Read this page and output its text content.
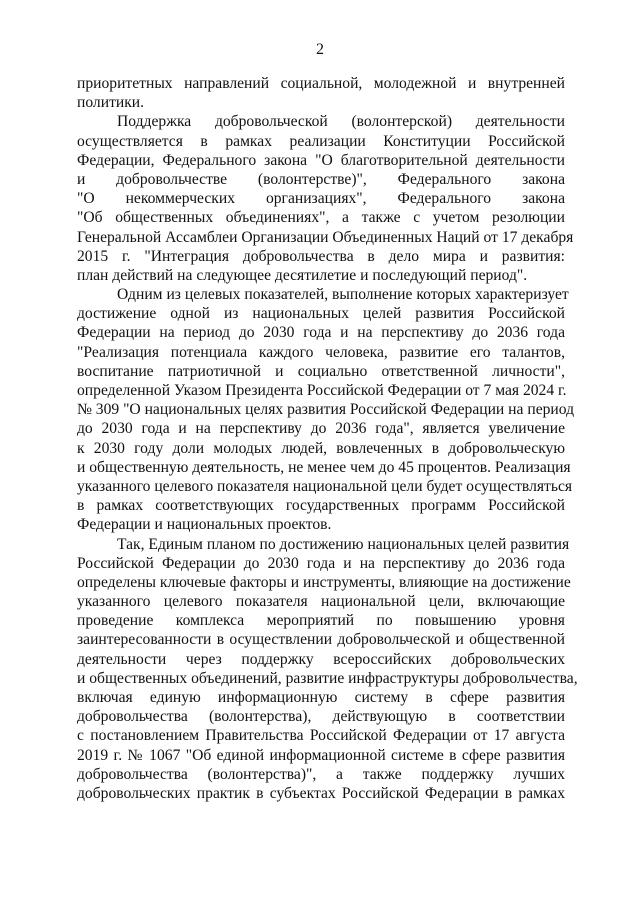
2
приоритетных направлений социальной, молодежной и внутренней
политики.
Поддержка добровольческой (волонтерской) деятельности
осуществляется в рамках реализации Конституции Российской
Федерации, Федерального закона "О благотворительной деятельности
и добровольчестве (волонтерстве)", Федерального закона
"О некоммерческих организациях", Федерального закона
"Об общественных объединениях", а также с учетом резолюции
Генеральной Ассамблеи Организации Объединенных Наций от 17 декабря
2015 г. "Интеграция добровольчества в дело мира и развития:
план действий на следующее десятилетие и последующий период".
Одним из целевых показателей, выполнение которых характеризует
достижение одной из национальных целей развития Российской
Федерации на период до 2030 года и на перспективу до 2036 года
"Реализация потенциала каждого человека, развитие его талантов,
воспитание патриотичной и социально ответственной личности",
определенной Указом Президента Российской Федерации от 7 мая 2024 г.
№ 309 "О национальных целях развития Российской Федерации на период
до 2030 года и на перспективу до 2036 года", является увеличение
к 2030 году доли молодых людей, вовлеченных в добровольческую
и общественную деятельность, не менее чем до 45 процентов. Реализация
указанного целевого показателя национальной цели будет осуществляться
в рамках соответствующих государственных программ Российской
Федерации и национальных проектов.
Так, Единым планом по достижению национальных целей развития
Российской Федерации до 2030 года и на перспективу до 2036 года
определены ключевые факторы и инструменты, влияющие на достижение
указанного целевого показателя национальной цели, включающие
проведение комплекса мероприятий по повышению уровня
заинтересованности в осуществлении добровольческой и общественной
деятельности через поддержку всероссийских добровольческих
и общественных объединений, развитие инфраструктуры добровольчества,
включая единую информационную систему в сфере развития
добровольчества (волонтерства), действующую в соответствии
с постановлением Правительства Российской Федерации от 17 августа
2019 г. № 1067 "Об единой информационной системе в сфере развития
добровольчества (волонтерства)", а также поддержку лучших
добровольческих практик в субъектах Российской Федерации в рамках
